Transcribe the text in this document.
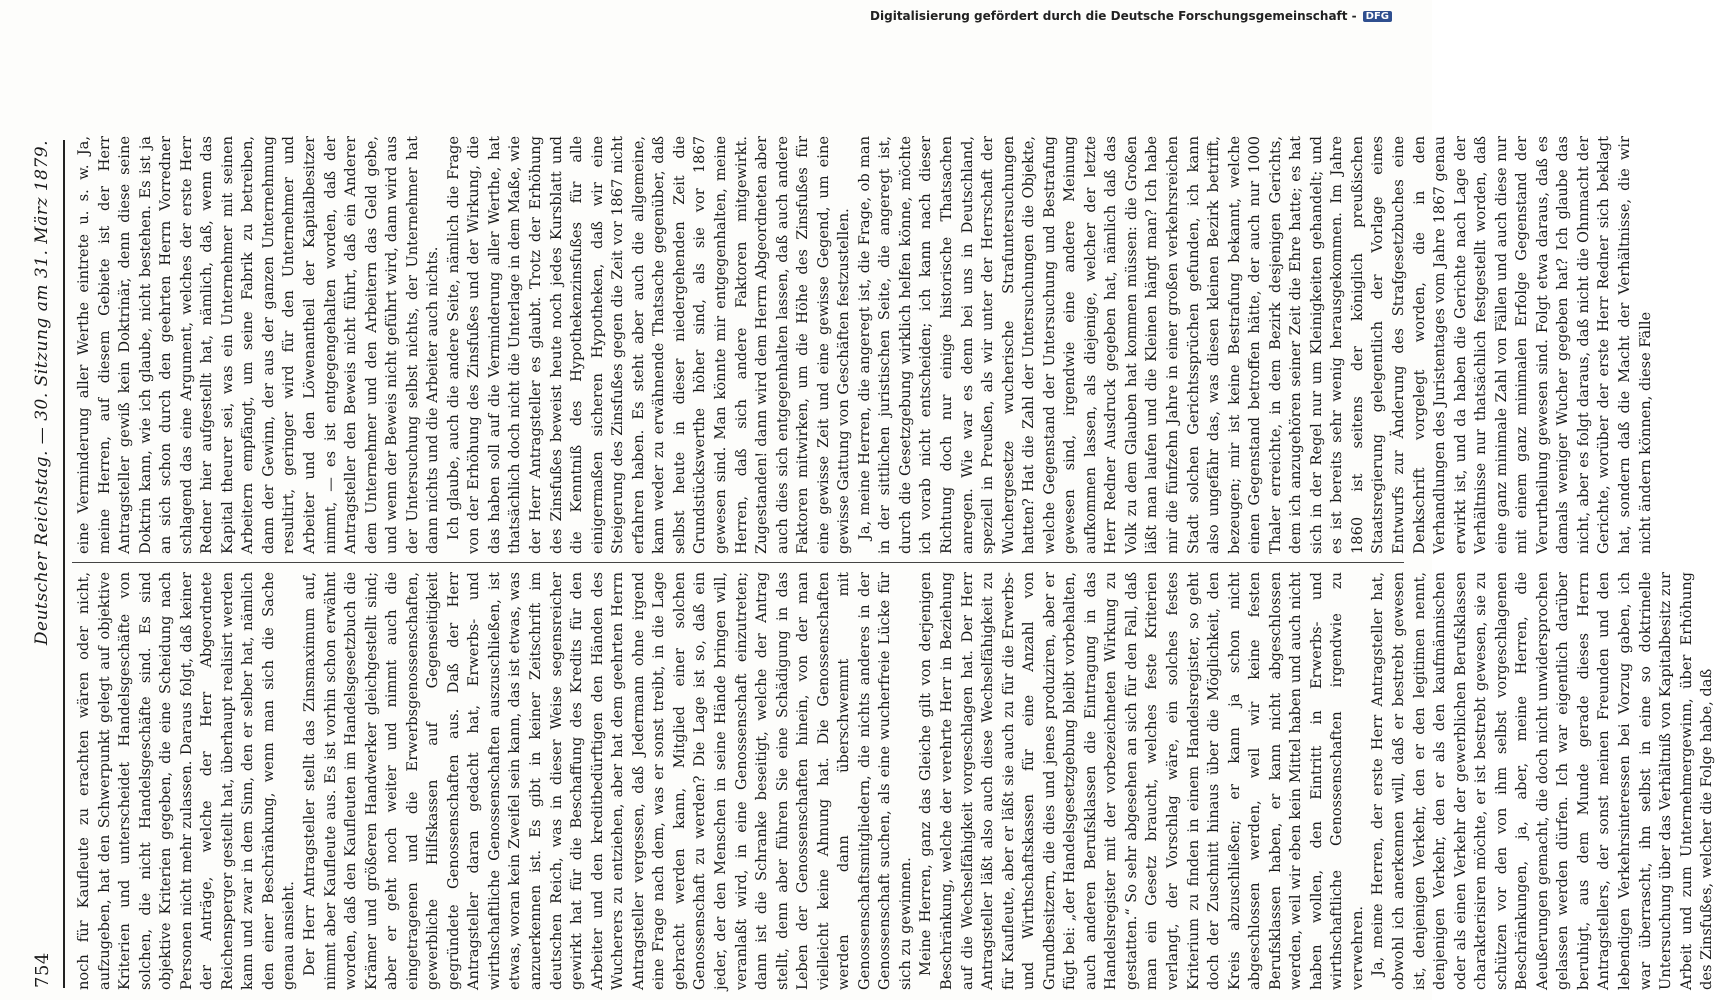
754
Deutscher Reichstag. — 30. Sitzung am 31. März 1879.

noch für Kaufleute zu erachten wären oder nicht, aufzugeben, hat den Schwerpunkt gelegt auf objektive Kriterien und unterscheidet Handelsgeschäfte von solchen, die nicht Handelsgeschäfte sind. Es sind objektive Kriterien gegeben, die eine Scheidung nach Personen nicht mehr zulassen. Daraus folgt, daß keiner der Anträge, welche der Herr Abgeordnete Reichensperger gestellt hat, überhaupt realisirt werden kann und zwar in dem Sinn, den er selber hat, nämlich den einer Beschränkung, wenn man sich die Sache genau ansieht. Der Herr Antragsteller stellt das Zinsmaximum auf, nimmt aber Kaufleute aus. Es ist vorhin schon erwähnt worden, daß den Kaufleuten im Handelsgesetzbuch die Krämer und größeren Handwerker gleichgestellt sind; aber er geht noch weiter und nimmt auch die eingetragenen und die Erwerbsgenossenschaften, gewerbliche Hilfskassen auf Gegenseitigkeit gegründete Genossenschaften aus. Daß der Herr Antragsteller daran gedacht hat, Erwerbs- und wirthschaftliche Genossenschaften auszuschließen, ist etwas, woran kein Zweifel sein kann, das ist etwas, was anzuerkennen ist. Es gibt in keiner Zeitschrift im deutschen Reich, was in dieser Weise segensreicher gewirkt hat für die Beschaffung des Kredits für den Arbeiter und den kreditbedürftigen den Händen des Wucherers zu entziehen, aber hat dem geehrten Herrn Antragsteller vergessen, daß Jedermann ohne irgend eine Frage nach dem, was er sonst treibt, in die Lage gebracht werden kann, Mitglied einer solchen Genossenschaft zu werden? Die Lage ist so, daß ein jeder, der den Menschen in seine Hände bringen will, veranlaßt wird, in eine Genossenschaft einzutreten; dann ist die Schranke beseitigt, welche der Antrag stellt, denn aber führen Sie eine Schädigung in das Leben der Genossenschaften hinein, von der man vielleicht keine Ahnung hat. Die Genossenschaften werden dann überschwemmt mit Genossenschaftsmitgliedern, die nichts anderes in der Genossenschaft suchen, als eine wucherfreie Lücke für sich zu gewinnen. Meine Herren, ganz das Gleiche gilt von derjenigen Beschränkung, welche der verehrte Herr in Beziehung auf die Wechselfähigkeit vorgeschlagen hat. Der Herr Antragsteller läßt also auch diese Wechselfähigkeit zu für Kaufleute, aber er läßt sie auch zu für die Erwerbs- und Wirthschaftskassen für eine Anzahl von Grundbesitzern, die dies und jenes produziren, aber er fügt bei: „der Handelsgesetzgebung bleibt vorbehalten, auch anderen Berufsklassen die Eintragung in das Handelsregister mit der vorbezeichneten Wirkung zu gestatten.“ So sehr abgesehen an sich für den Fall, daß man ein Gesetz braucht, welches feste Kriterien verlangt, der Vorschlag wäre, ein solches festes Kriterium zu finden in einem Handelsregister, so geht doch der Zuschnitt hinaus über die Möglichkeit, den Kreis abzuschließen; er kann ja schon nicht abgeschlossen werden, weil wir keine festen Berufsklassen haben, er kann nicht abgeschlossen werden, weil wir eben kein Mittel haben und auch nicht haben wollen, den Eintritt in Erwerbs- und wirthschaftliche Genossenschaften irgendwie zu verwehren. Ja, meine Herren, der erste Herr Antragsteller hat, obwohl ich anerkennen will, daß er bestrebt gewesen ist, denjenigen Verkehr, den er den legitimen nennt, denjenigen Verkehr, den er als den kaufmännischen oder als einen Verkehr der gewerblichen Berufsklassen charakterisiren möchte, er ist bestrebt gewesen, sie zu schützen vor den von ihm selbst vorgeschlagenen Beschränkungen, ja, aber, meine Herren, die Aeußerungen gemacht, die doch nicht unwidersprochen gelassen werden dürfen. Ich war eigentlich darüber beruhigt, aus dem Munde gerade dieses Herrn Antragstellers, der sonst meinen Freunden und den lebendigen Verkehrsinteressen bei Vorzug gaben, ich war überrascht, ihn selbst in eine so doktrinelle Untersuchung über das Verhältniß von Kapitalbesitz zur Arbeit und zum Unternehmergewinn, über Erhöhung des Zinsfußes, welcher die Folge habe, daß

eine Verminderung aller Werthe eintrete u. s. w. Ja, meine Herren, auf diesem Gebiete ist der Herr Antragsteller gewiß kein Doktrinär, denn diese seine Doktrin kann, wie ich glaube, nicht bestehen. Es ist ja an sich schon durch den geehrten Herrn Vorredner schlagend das eine Argument, welches der erste Herr Redner hier aufgestellt hat, nämlich, daß, wenn das Kapital theurer sei, was ein Unternehmer mit seinen Arbeitern empfängt, um seine Fabrik zu betreiben, dann der Gewinn, der aus der ganzen Unternehmung resultirt, geringer wird für den Unternehmer und Arbeiter und den Löwenantheil der Kapitalbesitzer nimmt, — es ist entgegengehalten worden, daß der Antragsteller den Beweis nicht führt, daß ein Anderer dem Unternehmer und den Arbeitern das Geld gebe, und wenn der Beweis nicht geführt wird, dann wird aus der Untersuchung selbst nichts, der Unternehmer hat dann nichts und die Arbeiter auch nichts. Ich glaube, auch die andere Seite, nämlich die Frage von der Erhöhung des Zinsfußes und der Wirkung, die das haben soll auf die Verminderung aller Werthe, hat thatsächlich doch nicht die Unterlage in dem Maße, wie der Herr Antragsteller es glaubt. Trotz der Erhöhung des Zinsfußes beweist heute noch jedes Kursblatt und die Kenntniß des Hypothekenzinsfußes für alle einigermaßen sicheren Hypotheken, daß wir eine Steigerung des Zinsfußes gegen die Zeit vor 1867 nicht erfahren haben. Es steht aber auch die allgemeine, kann weder zu erwähnende Thatsache gegenüber, daß selbst heute in dieser niedergehenden Zeit die Grundstückswerthe höher sind, als sie vor 1867 gewesen sind. Man könnte mir entgegenhalten, meine Herren, daß sich andere Faktoren mitgewirkt. Zugestanden! dann wird dem Herrn Abgeordneten aber auch dies sich entgegenhalten lassen, daß auch andere Faktoren mitwirken, um die Höhe des Zinsfußes für eine gewisse Zeit und eine gewisse Gegend, um eine gewisse Gattung von Geschäften festzustellen. Ja, meine Herren, die angeregt ist, die Frage, ob man in der sittlichen juristischen Seite, die angeregt ist, durch die Gesetzgebung wirklich helfen könne, möchte ich vorab nicht entscheiden; ich kann nach dieser Richtung doch nur einige historische Thatsachen anregen. Wie war es denn bei uns in Deutschland, speziell in Preußen, als wir unter der Herrschaft der Wuchergesetze wucherische Strafuntersuchungen hatten? Hat die Zahl der Untersuchungen die Objekte, welche Gegenstand der Untersuchung und Bestrafung gewesen sind, irgendwie eine andere Meinung aufkommen lassen, als diejenige, welcher der letzte Herr Redner Ausdruck gegeben hat, nämlich daß das Volk zu dem Glauben hat kommen müssen: die Großen läßt man laufen und die Kleinen hängt man? Ich habe mir die fünfzehn Jahre in einer großen verkehrsreichen Stadt solchen Gerichtssprüchen gefunden, ich kann also ungefähr das, was diesen kleinen Bezirk betrifft, bezeugen; mir ist keine Bestrafung bekannt, welche einen Gegenstand betroffen hätte, der auch nur 1000 Thaler erreichte, in dem Bezirk desjenigen Gerichts, dem ich anzugehören seiner Zeit die Ehre hatte; es hat sich in der Regel nur um Kleinigkeiten gehandelt; und es ist bereits sehr wenig herausgekommen. Im Jahre 1860 ist seitens der königlich preußischen Staatsregierung gelegentlich der Vorlage eines Entwurfs zur Änderung des Strafgesetzbuches eine Denkschrift vorgelegt worden, die in den Verhandlungen des Juristentages vom Jahre 1867 genau erwirkt ist, und da haben die Gerichte nach Lage der Verhältnisse nur thatsächlich festgestellt worden, daß eine ganz minimale Zahl von Fällen und auch diese nur mit einem ganz minimalen Erfolge Gegenstand der Verurtheilung gewesen sind. Folgt etwa daraus, daß es damals weniger Wucher gegeben hat? Ich glaube das nicht, aber es folgt daraus, daß nicht die Ohnmacht der Gerichte, worüber der erste Herr Redner sich beklagt hat, sondern daß die Macht der Verhältnisse, die wir nicht ändern können, diese Fälle

Digitalisierung gefördert durch die Deutsche Forschungsgemeinschaft - DFG
